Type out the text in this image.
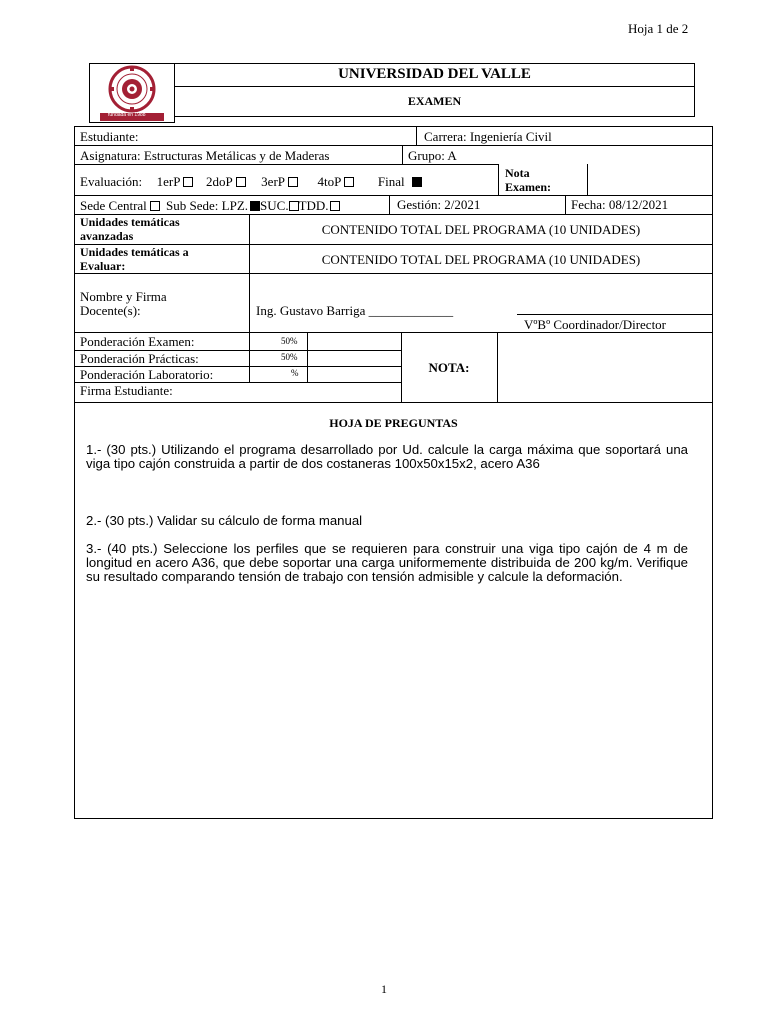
Hoja 1 de 2
fundada en 1988
UNIVERSIDAD DEL VALLE
EXAMEN
Estudiante:	Carrera: Ingeniería Civil
Asignatura: Estructuras Metálicas y de Maderas	Grupo: A
Evaluación: 1erP 2doP 3erP	4toP	Final
Nota
Examen:
Sede Central Sub Sede: LPZ. SUC. TDD.	Gestión: 2/2021	Fecha: 08/12/2021
Unidades temáticas
avanzadas	CONTENIDO TOTAL DEL PROGRAMA (10 UNIDADES)
Unidades temáticas a
Evaluar:	CONTENIDO TOTAL DEL PROGRAMA (10 UNIDADES)
Nombre y Firma
Docente(s):	Ing. Gustavo Barriga _____________
VºBº Coordinador/Director
Ponderación Examen:	50%
Ponderación Prácticas:	50%
Ponderación Laboratorio:	%
Firma Estudiante:
NOTA:
HOJA DE PREGUNTAS
1.- (30 pts.) Utilizando el programa desarrollado por Ud. calcule la carga máxima que soportará una viga tipo cajón construida a partir de dos costaneras 100x50x15x2, acero A36
2.- (30 pts.) Validar su cálculo de forma manual
3.- (40 pts.) Seleccione los perfiles que se requieren para construir una viga tipo cajón de 4 m de longitud en acero A36, que debe soportar una carga uniformemente distribuida de 200 kg/m. Verifique su resultado comparando tensión de trabajo con tensión admisible y calcule la deformación.
1
